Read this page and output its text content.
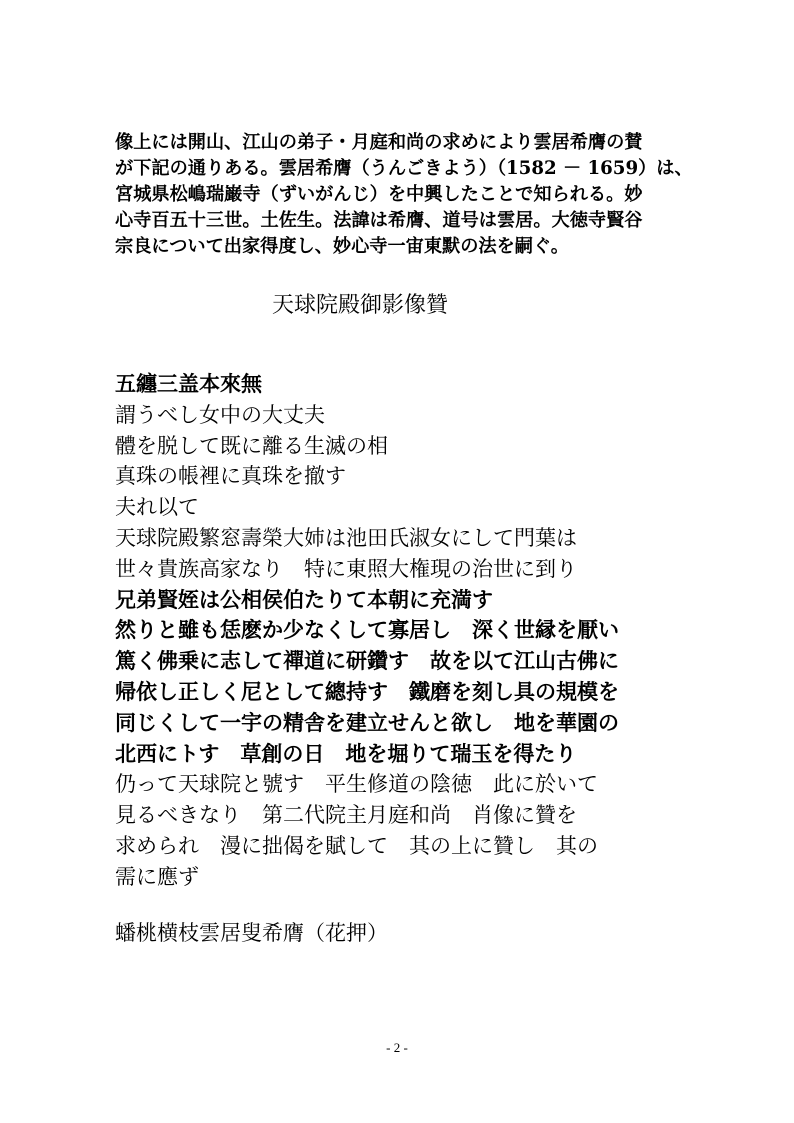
像上には開山、江山の弟子・月庭和尚の求めにより雲居希膺の賛
が下記の通りある。雲居希膺（うんごきよう）（1582 － 1659）は、
宮城県松嶋瑞巌寺（ずいがんじ）を中興したことで知られる。妙
心寺百五十三世。土佐生。法諱は希膺、道号は雲居。大徳寺賢谷
宗良について出家得度し、妙心寺一宙東默の法を嗣ぐ。
天球院殿御影像贊
五纏三盖本來無
謂うべし女中の大丈夫
體を脱して既に離る生滅の相
真珠の帳裡に真珠を撤す
夫れ以て
天球院殿繁窓壽榮大姉は池田氏淑女にして門葉は
世々貴族高家なり　特に東照大権現の治世に到り
兄弟賢姪は公相侯伯たりて本朝に充満す
然りと雖も恁麽か少なくして寡居し　深く世縁を厭い
篤く佛乗に志して禪道に研鑽す　故を以て江山古佛に
帰依し正しく尼として總持す　鐵磨を刻し具の規模を
同じくして一宇の精舎を建立せんと欲し　地を華園の
北西にトす　草創の日　地を堀りて瑞玉を得たり
仍って天球院と號す　平生修道の陰徳　此に於いて
見るべきなり　第二代院主月庭和尚　肖像に贊を
求められ　漫に拙偈を賦して　其の上に贊し　其の
需に應ず
蟠桃横枝雲居叟希膺（花押）
- 2 -
